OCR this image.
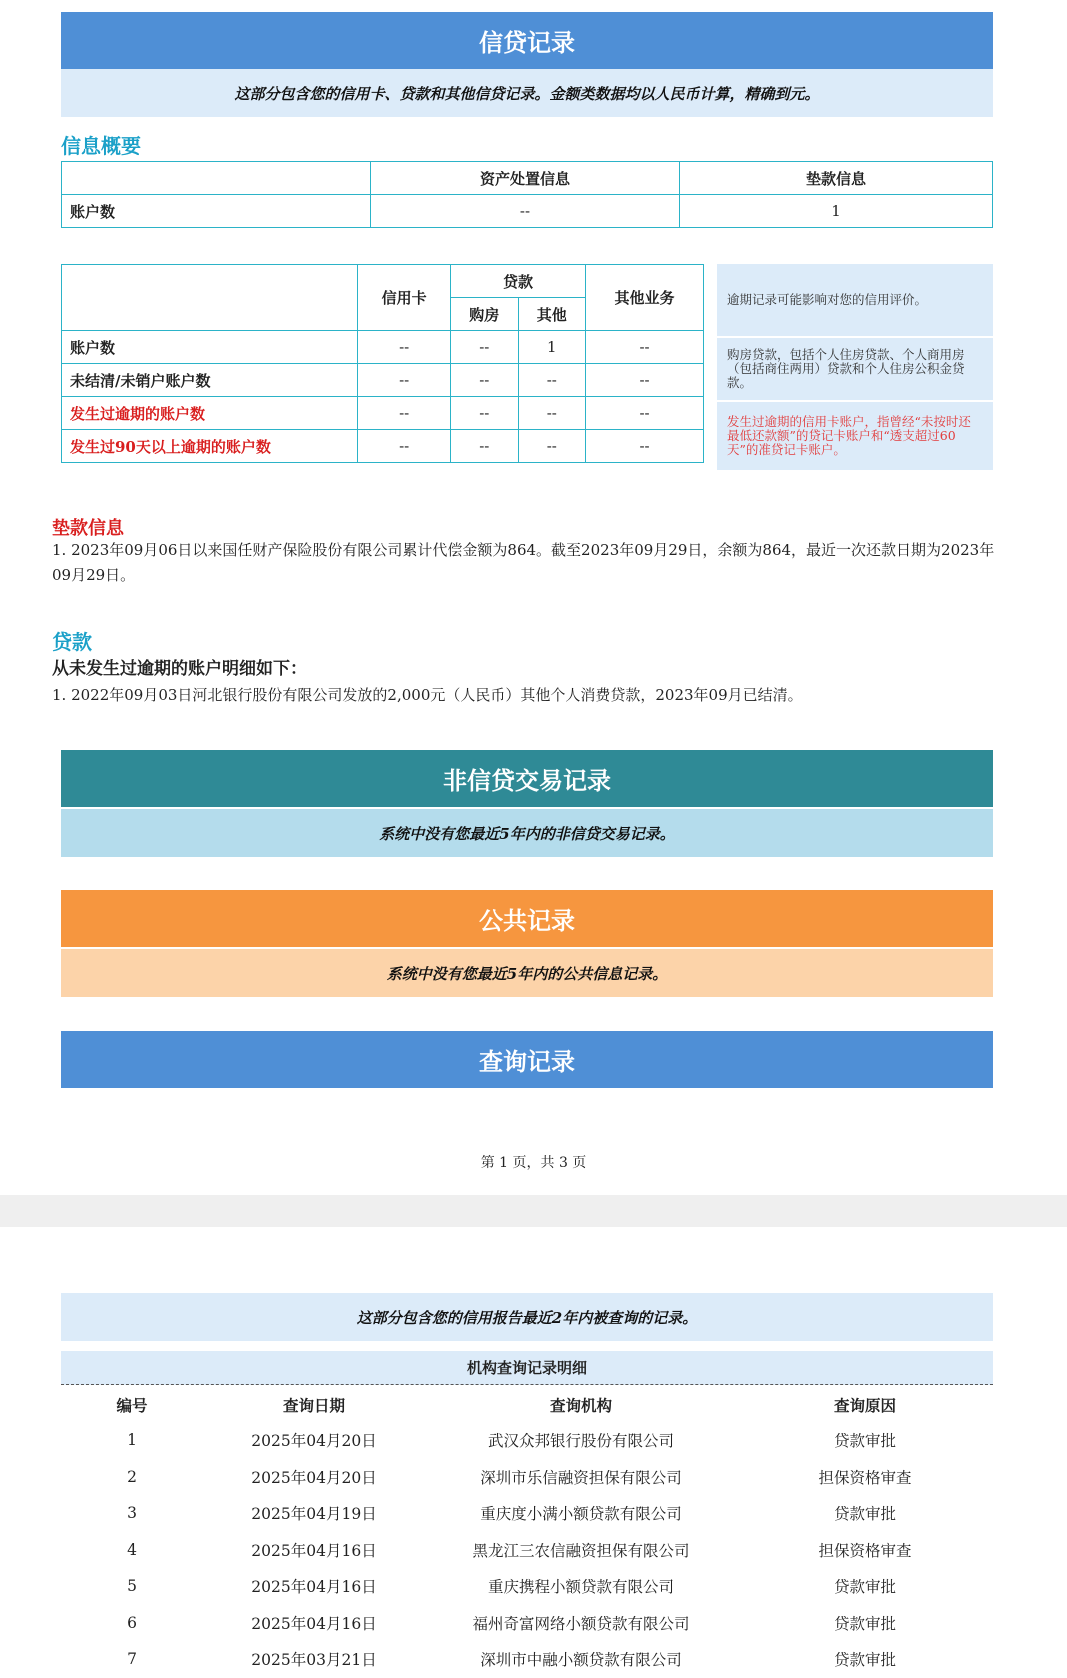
信贷记录
这部分包含您的信用卡、贷款和其他信贷记录。金额类数据均以人民币计算，精确到元。
信息概要
	资产处置信息	垫款信息
账户数	--	1
	信用卡	贷款		其他业务
		购房	其他	
账户数	--	--	1	--
未结清/未销户账户数	--	--	--	--
发生过逾期的账户数	--	--	--	--
发生过90天以上逾期的账户数	--	--	--	--
逾期记录可能影响对您的信用评价。
购房贷款，包括个人住房贷款、个人商用房（包括商住两用）贷款和个人住房公积金贷款。
发生过逾期的信用卡账户，指曾经“未按时还最低还款额”的贷记卡账户和“透支超过60天”的准贷记卡账户。
垫款信息
1. 2023年09月06日以来国任财产保险股份有限公司累计代偿金额为864。截至2023年09月29日，余额为864，最近一次还款日期为2023年09月29日。
贷款
从未发生过逾期的账户明细如下：
1. 2022年09月03日河北银行股份有限公司发放的2,000元（人民币）其他个人消费贷款，2023年09月已结清。
非信贷交易记录
系统中没有您最近5年内的非信贷交易记录。
公共记录
系统中没有您最近5年内的公共信息记录。
查询记录
第 1 页，共 3 页
这部分包含您的信用报告最近2年内被查询的记录。
机构查询记录明细
编号	查询日期	查询机构	查询原因
1	2025年04月20日	武汉众邦银行股份有限公司	贷款审批
2	2025年04月20日	深圳市乐信融资担保有限公司	担保资格审查
3	2025年04月19日	重庆度小满小额贷款有限公司	贷款审批
4	2025年04月16日	黑龙江三农信融资担保有限公司	担保资格审查
5	2025年04月16日	重庆携程小额贷款有限公司	贷款审批
6	2025年04月16日	福州奇富网络小额贷款有限公司	贷款审批
7	2025年03月21日	深圳市中融小额贷款有限公司	贷款审批
